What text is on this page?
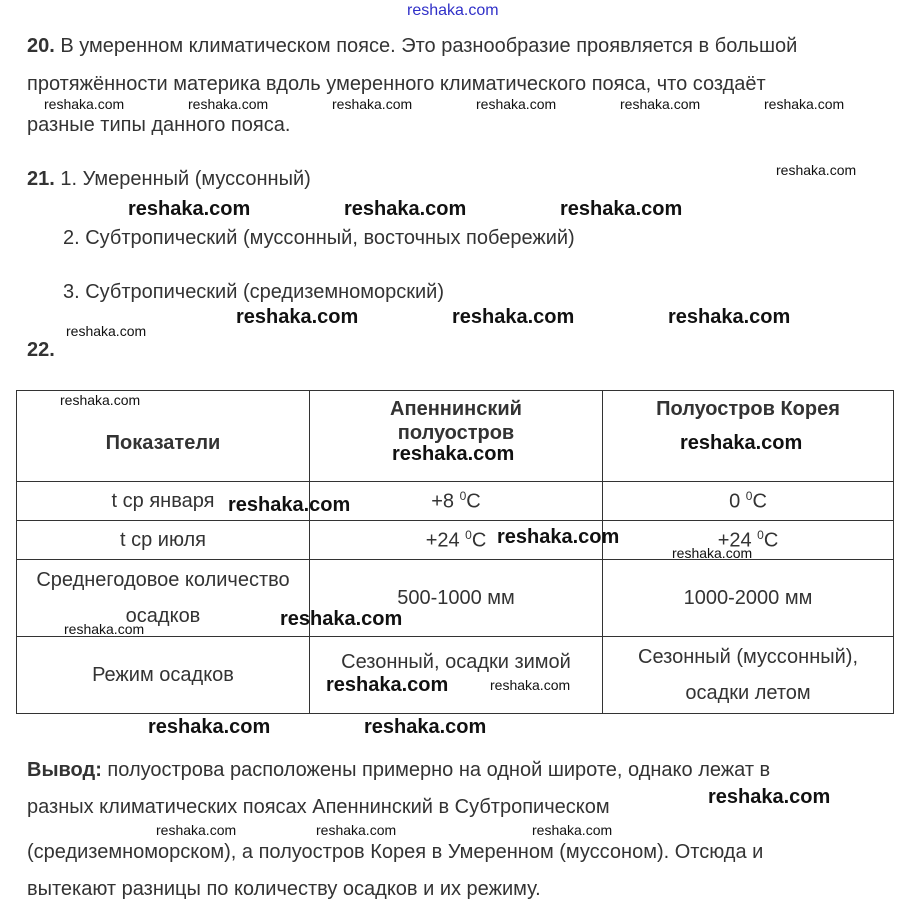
reshaka.com
20. В умеренном климатическом поясе. Это разнообразие проявляется в большой
протяжённости материка вдоль умеренного климатического пояса, что создаёт
разные типы данного пояса.
21. 1. Умеренный (муссонный)
2. Субтропический (муссонный, восточных побережий)
3. Субтропический (средиземноморский)
22.
Показатели	Апеннинский полуостров	Полуостров Корея
t ср января	+8 $^0$C	0 $^0$C
t ср июля	+24 $^0$C	+24 $^0$C
Среднегодовое количество осадков	500-1000 мм	1000-2000 мм
Режим осадков	Сезонный, осадки зимой	Сезонный (муссонный), осадки летом
Вывод: полуострова расположены примерно на одной широте, однако лежат в
разных климатических поясах Апеннинский в Субтропическом
(средиземноморском), а полуостров Корея в Умеренном (муссоном). Отсюда и
вытекают разницы по количеству осадков и их режиму.
reshaka.com	reshaka.com	reshaka.com	reshaka.com	reshaka.com	reshaka.com
reshaka.com
reshaka.com	reshaka.com	reshaka.com
reshaka.com	reshaka.com	reshaka.com
reshaka.com
reshaka.com
reshaka.com	reshaka.com
reshaka.com
reshaka.com
reshaka.com
reshaka.com
reshaka.com
reshaka.com	reshaka.com
reshaka.com	reshaka.com
reshaka.com
reshaka.com	reshaka.com	reshaka.com
